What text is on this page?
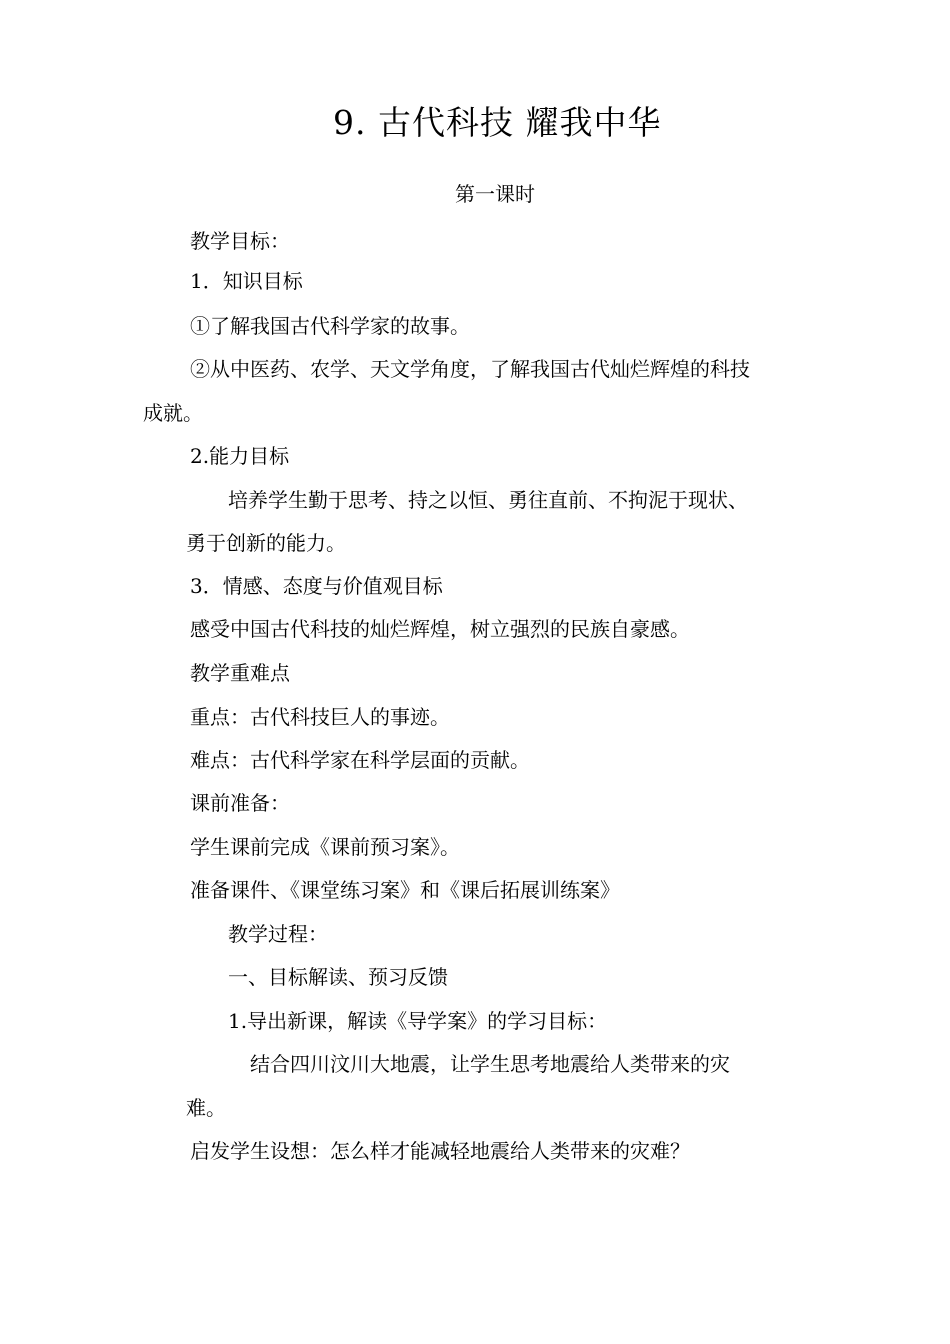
9. 古代科技 耀我中华
第一课时
教学目标：
1．知识目标
①了解我国古代科学家的故事。
②从中医药、农学、天文学角度，了解我国古代灿烂辉煌的科技
成就。
2.能力目标
培养学生勤于思考、持之以恒、勇往直前、不拘泥于现状、
勇于创新的能力。
3．情感、态度与价值观目标
感受中国古代科技的灿烂辉煌，树立强烈的民族自豪感。
教学重难点
重点：古代科技巨人的事迹。
难点：古代科学家在科学层面的贡献。
课前准备：
学生课前完成《课前预习案》。
准备课件、《课堂练习案》和《课后拓展训练案》
教学过程：
一、目标解读、预习反馈
1.导出新课，解读《导学案》的学习目标：
结合四川汶川大地震，让学生思考地震给人类带来的灾
难。
启发学生设想：怎么样才能减轻地震给人类带来的灾难？
